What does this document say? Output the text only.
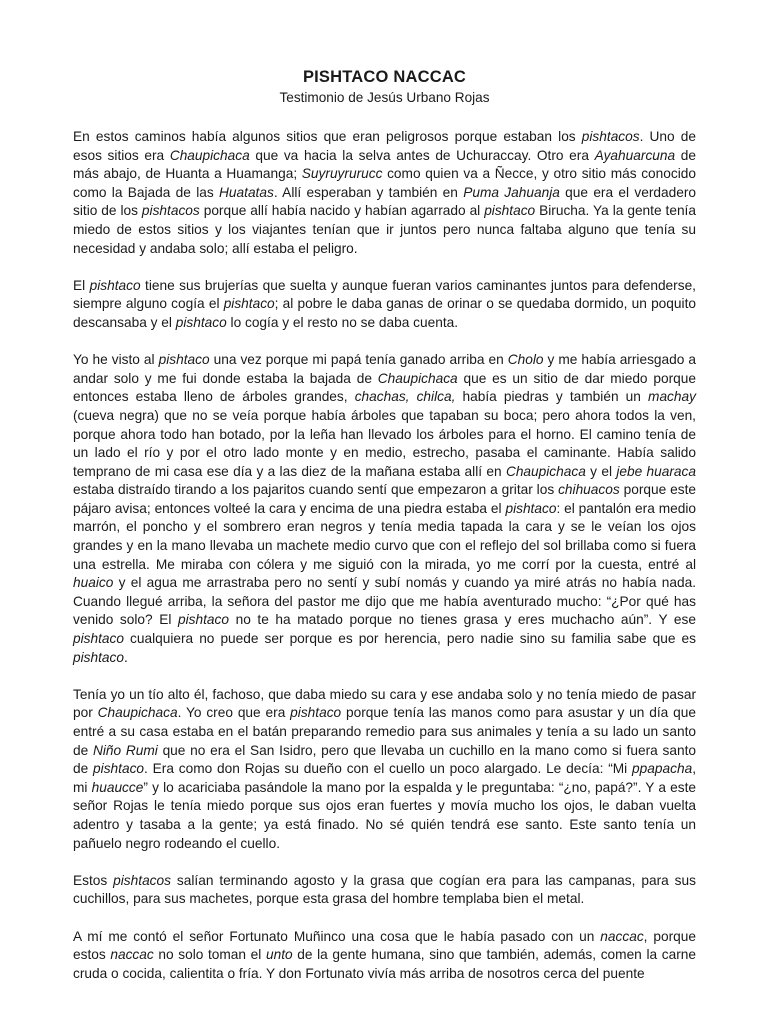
PISHTACO NACCAC

Testimonio de Jesús Urbano Rojas

En estos caminos había algunos sitios que eran peligrosos porque estaban los pishtacos. Uno de esos sitios era Chaupichaca que va hacia la selva antes de Uchuraccay. Otro era Ayahuarcuna de más abajo, de Huanta a Huamanga; Suyruyrurucc como quien va a Ñecce, y otro sitio más conocido como la Bajada de las Huatatas. Allí esperaban y también en Puma Jahuanja que era el verdadero sitio de los pishtacos porque allí había nacido y habían agarrado al pishtaco Birucha. Ya la gente tenía miedo de estos sitios y los viajantes tenían que ir juntos pero nunca faltaba alguno que tenía su necesidad y andaba solo; allí estaba el peligro.

El pishtaco tiene sus brujerías que suelta y aunque fueran varios caminantes juntos para defenderse, siempre alguno cogía el pishtaco; al pobre le daba ganas de orinar o se quedaba dormido, un poquito descansaba y el pishtaco lo cogía y el resto no se daba cuenta.

Yo he visto al pishtaco una vez porque mi papá tenía ganado arriba en Cholo y me había arriesgado a andar solo y me fui donde estaba la bajada de Chaupichaca que es un sitio de dar miedo porque entonces estaba lleno de árboles grandes, chachas, chilca, había piedras y también un machay (cueva negra) que no se veía porque había árboles que tapaban su boca; pero ahora todos la ven, porque ahora todo han botado, por la leña han llevado los árboles para el horno. El camino tenía de un lado el río y por el otro lado monte y en medio, estrecho, pasaba el caminante. Había salido temprano de mi casa ese día y a las diez de la mañana estaba allí en Chaupichaca y el jebe huaraca estaba distraído tirando a los pajaritos cuando sentí que empezaron a gritar los chihuacos porque este pájaro avisa; entonces volteé la cara y encima de una piedra estaba el pishtaco: el pantalón era medio marrón, el poncho y el sombrero eran negros y tenía media tapada la cara y se le veían los ojos grandes y en la mano llevaba un machete medio curvo que con el reflejo del sol brillaba como si fuera una estrella. Me miraba con cólera y me siguió con la mirada, yo me corrí por la cuesta, entré al huaico y el agua me arrastraba pero no sentí y subí nomás y cuando ya miré atrás no había nada. Cuando llegué arriba, la señora del pastor me dijo que me había aventurado mucho: “¿Por qué has venido solo? El pishtaco no te ha matado porque no tienes grasa y eres muchacho aún”. Y ese pishtaco cualquiera no puede ser porque es por herencia, pero nadie sino su familia sabe que es pishtaco.

Tenía yo un tío alto él, fachoso, que daba miedo su cara y ese andaba solo y no tenía miedo de pasar por Chaupichaca. Yo creo que era pishtaco porque tenía las manos como para asustar y un día que entré a su casa estaba en el batán preparando remedio para sus animales y tenía a su lado un santo de Niño Rumi que no era el San Isidro, pero que llevaba un cuchillo en la mano como si fuera santo de pishtaco. Era como don Rojas su dueño con el cuello un poco alargado. Le decía: “Mi ppapacha, mi huaucce” y lo acariciaba pasándole la mano por la espalda y le preguntaba: “¿no, papá?”. Y a este señor Rojas le tenía miedo porque sus ojos eran fuertes y movía mucho los ojos, le daban vuelta adentro y tasaba a la gente; ya está finado. No sé quién tendrá ese santo. Este santo tenía un pañuelo negro rodeando el cuello.

Estos pishtacos salían terminando agosto y la grasa que cogían era para las campanas, para sus cuchillos, para sus machetes, porque esta grasa del hombre templaba bien el metal.

A mí me contó el señor Fortunato Muñinco una cosa que le había pasado con un naccac, porque estos naccac no solo toman el unto de la gente humana, sino que también, además, comen la carne cruda o cocida, calientita o fría. Y don Fortunato vivía más arriba de nosotros cerca del puente
